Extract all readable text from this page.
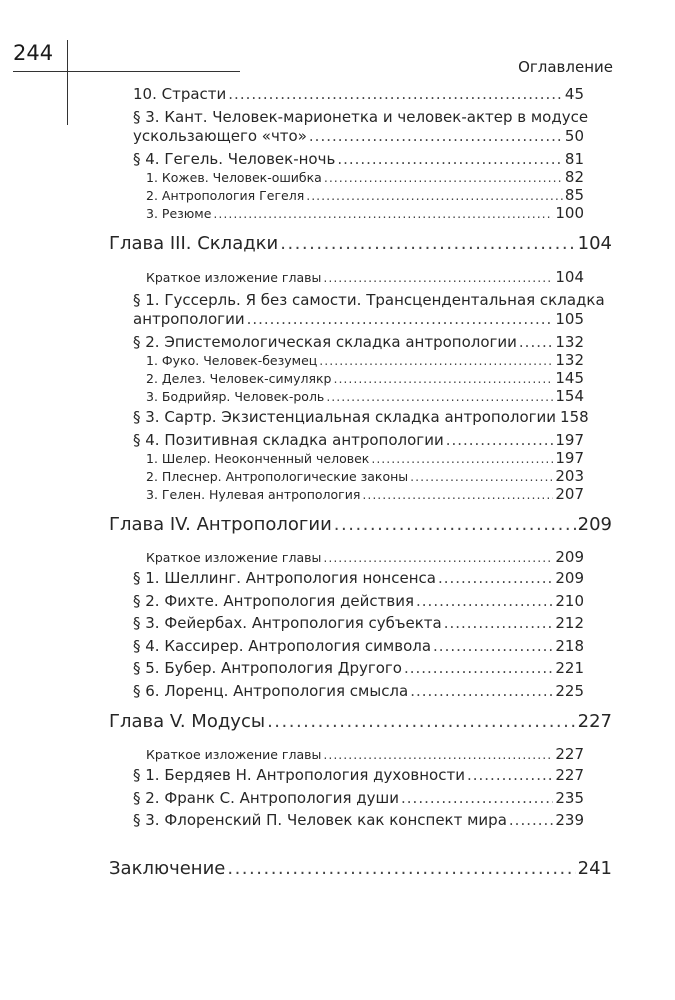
244
Оглавление
10. Страсти .....	45
§ 3. Кант. Человек-марионетка и человек-актер в модусе
ускользающего «что» .....	50
§ 4. Гегель. Человек-ночь .....	81
1. Кожев. Человек-ошибка .....	82
2. Антропология Гегеля .....	85
3. Резюме .....	100
Глава III. Складки .....	104
Краткое изложение главы .....	104
§ 1. Гуссерль. Я без самости. Трансцендентальная складка
антропологии .....	105
§ 2. Эпистемологическая складка антропологии .....	132
1. Фуко. Человек-безумец .....	132
2. Делез. Человек-симулякр .....	145
3. Бодрийяр. Человек-роль .....	154
§ 3. Сартр. Экзистенциальная складка антропологии 158
§ 4. Позитивная складка антропологии .....	197
1. Шелер. Неоконченный человек .....	197
2. Плеснер. Антропологические законы .....	203
3. Гелен. Нулевая антропология .....	207
Глава IV. Антропологии .....	209
Краткое изложение главы .....	209
§ 1. Шеллинг. Антропология нонсенса .....	209
§ 2. Фихте. Антропология действия .....	210
§ 3. Фейербах. Антропология субъекта .....	212
§ 4. Кассирер. Антропология символа .....	218
§ 5. Бубер. Антропология Другого .....	221
§ 6. Лоренц. Антропология смысла .....	225
Глава V. Модусы .....	227
Краткое изложение главы .....	227
§ 1. Бердяев Н. Антропология духовности .....	227
§ 2. Франк С. Антропология души .....	235
§ 3. Флоренский П. Человек как конспект мира .....	239
Заключение .....	241
